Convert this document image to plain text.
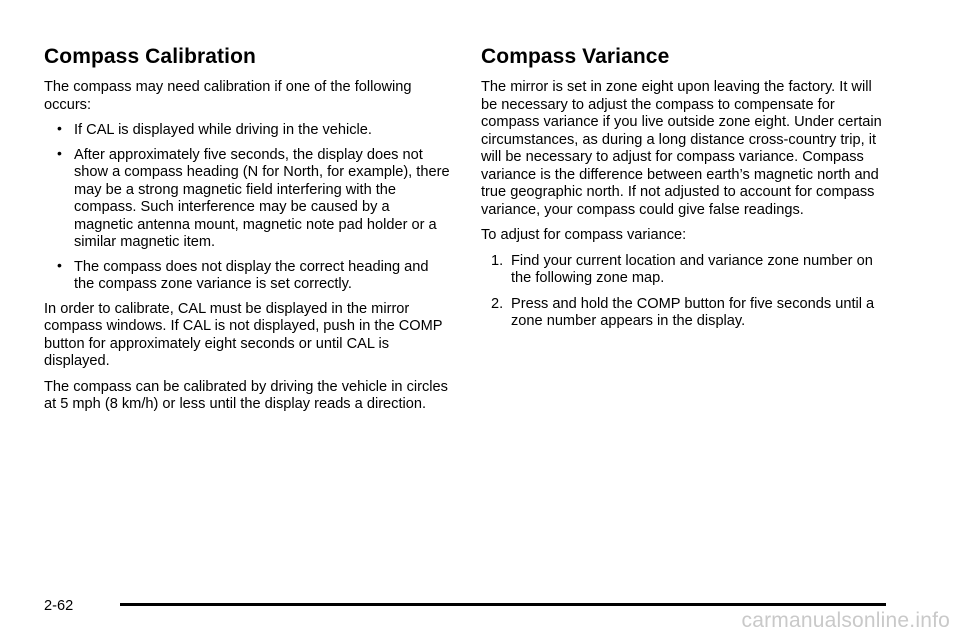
Compass Calibration

The compass may need calibration if one of the following occurs:

• If CAL is displayed while driving in the vehicle.
• After approximately five seconds, the display does not show a compass heading (N for North, for example), there may be a strong magnetic field interfering with the compass. Such interference may be caused by a magnetic antenna mount, magnetic note pad holder or a similar magnetic item.
• The compass does not display the correct heading and the compass zone variance is set correctly.

In order to calibrate, CAL must be displayed in the mirror compass windows. If CAL is not displayed, push in the COMP button for approximately eight seconds or until CAL is displayed.

The compass can be calibrated by driving the vehicle in circles at 5 mph (8 km/h) or less until the display reads a direction.

Compass Variance

The mirror is set in zone eight upon leaving the factory. It will be necessary to adjust the compass to compensate for compass variance if you live outside zone eight. Under certain circumstances, as during a long distance cross-country trip, it will be necessary to adjust for compass variance. Compass variance is the difference between earth’s magnetic north and true geographic north. If not adjusted to account for compass variance, your compass could give false readings.

To adjust for compass variance:

1. Find your current location and variance zone number on the following zone map.
2. Press and hold the COMP button for five seconds until a zone number appears in the display.
2-62
carmanualsonline.info
